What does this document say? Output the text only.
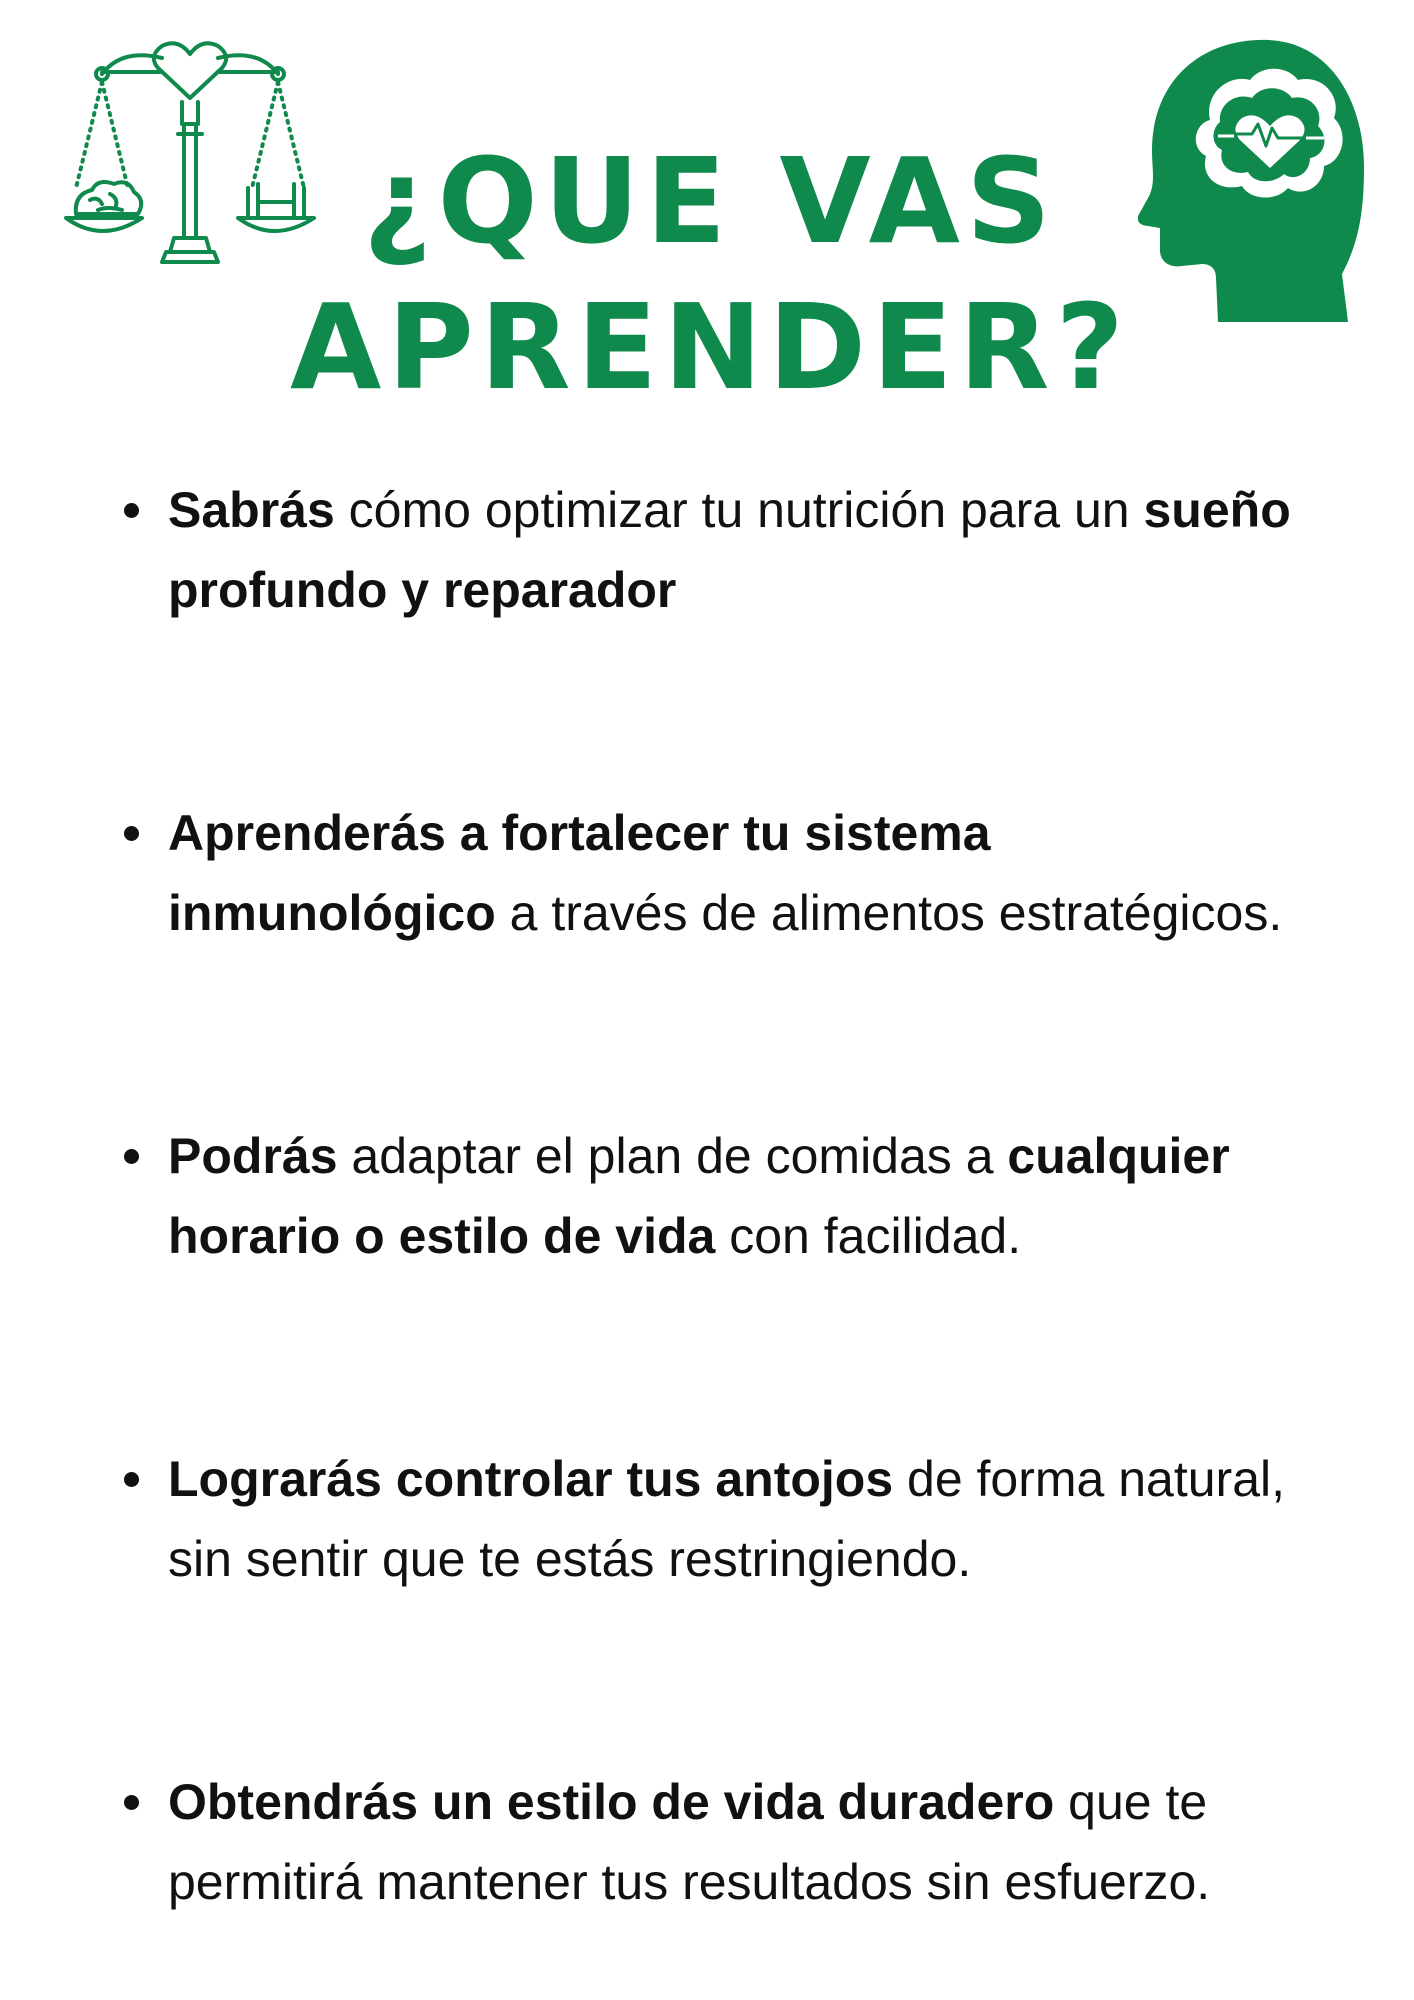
¿QUE VAS
APRENDER?
Sabrás cómo optimizar tu nutrición para un sueño profundo y reparador
Aprenderás a fortalecer tu sistema inmunológico a través de alimentos estratégicos.
Podrás adaptar el plan de comidas a cualquier horario o estilo de vida con facilidad.
Lograrás controlar tus antojos de forma natural, sin sentir que te estás restringiendo.
Obtendrás un estilo de vida duradero que te permitirá mantener tus resultados sin esfuerzo.
